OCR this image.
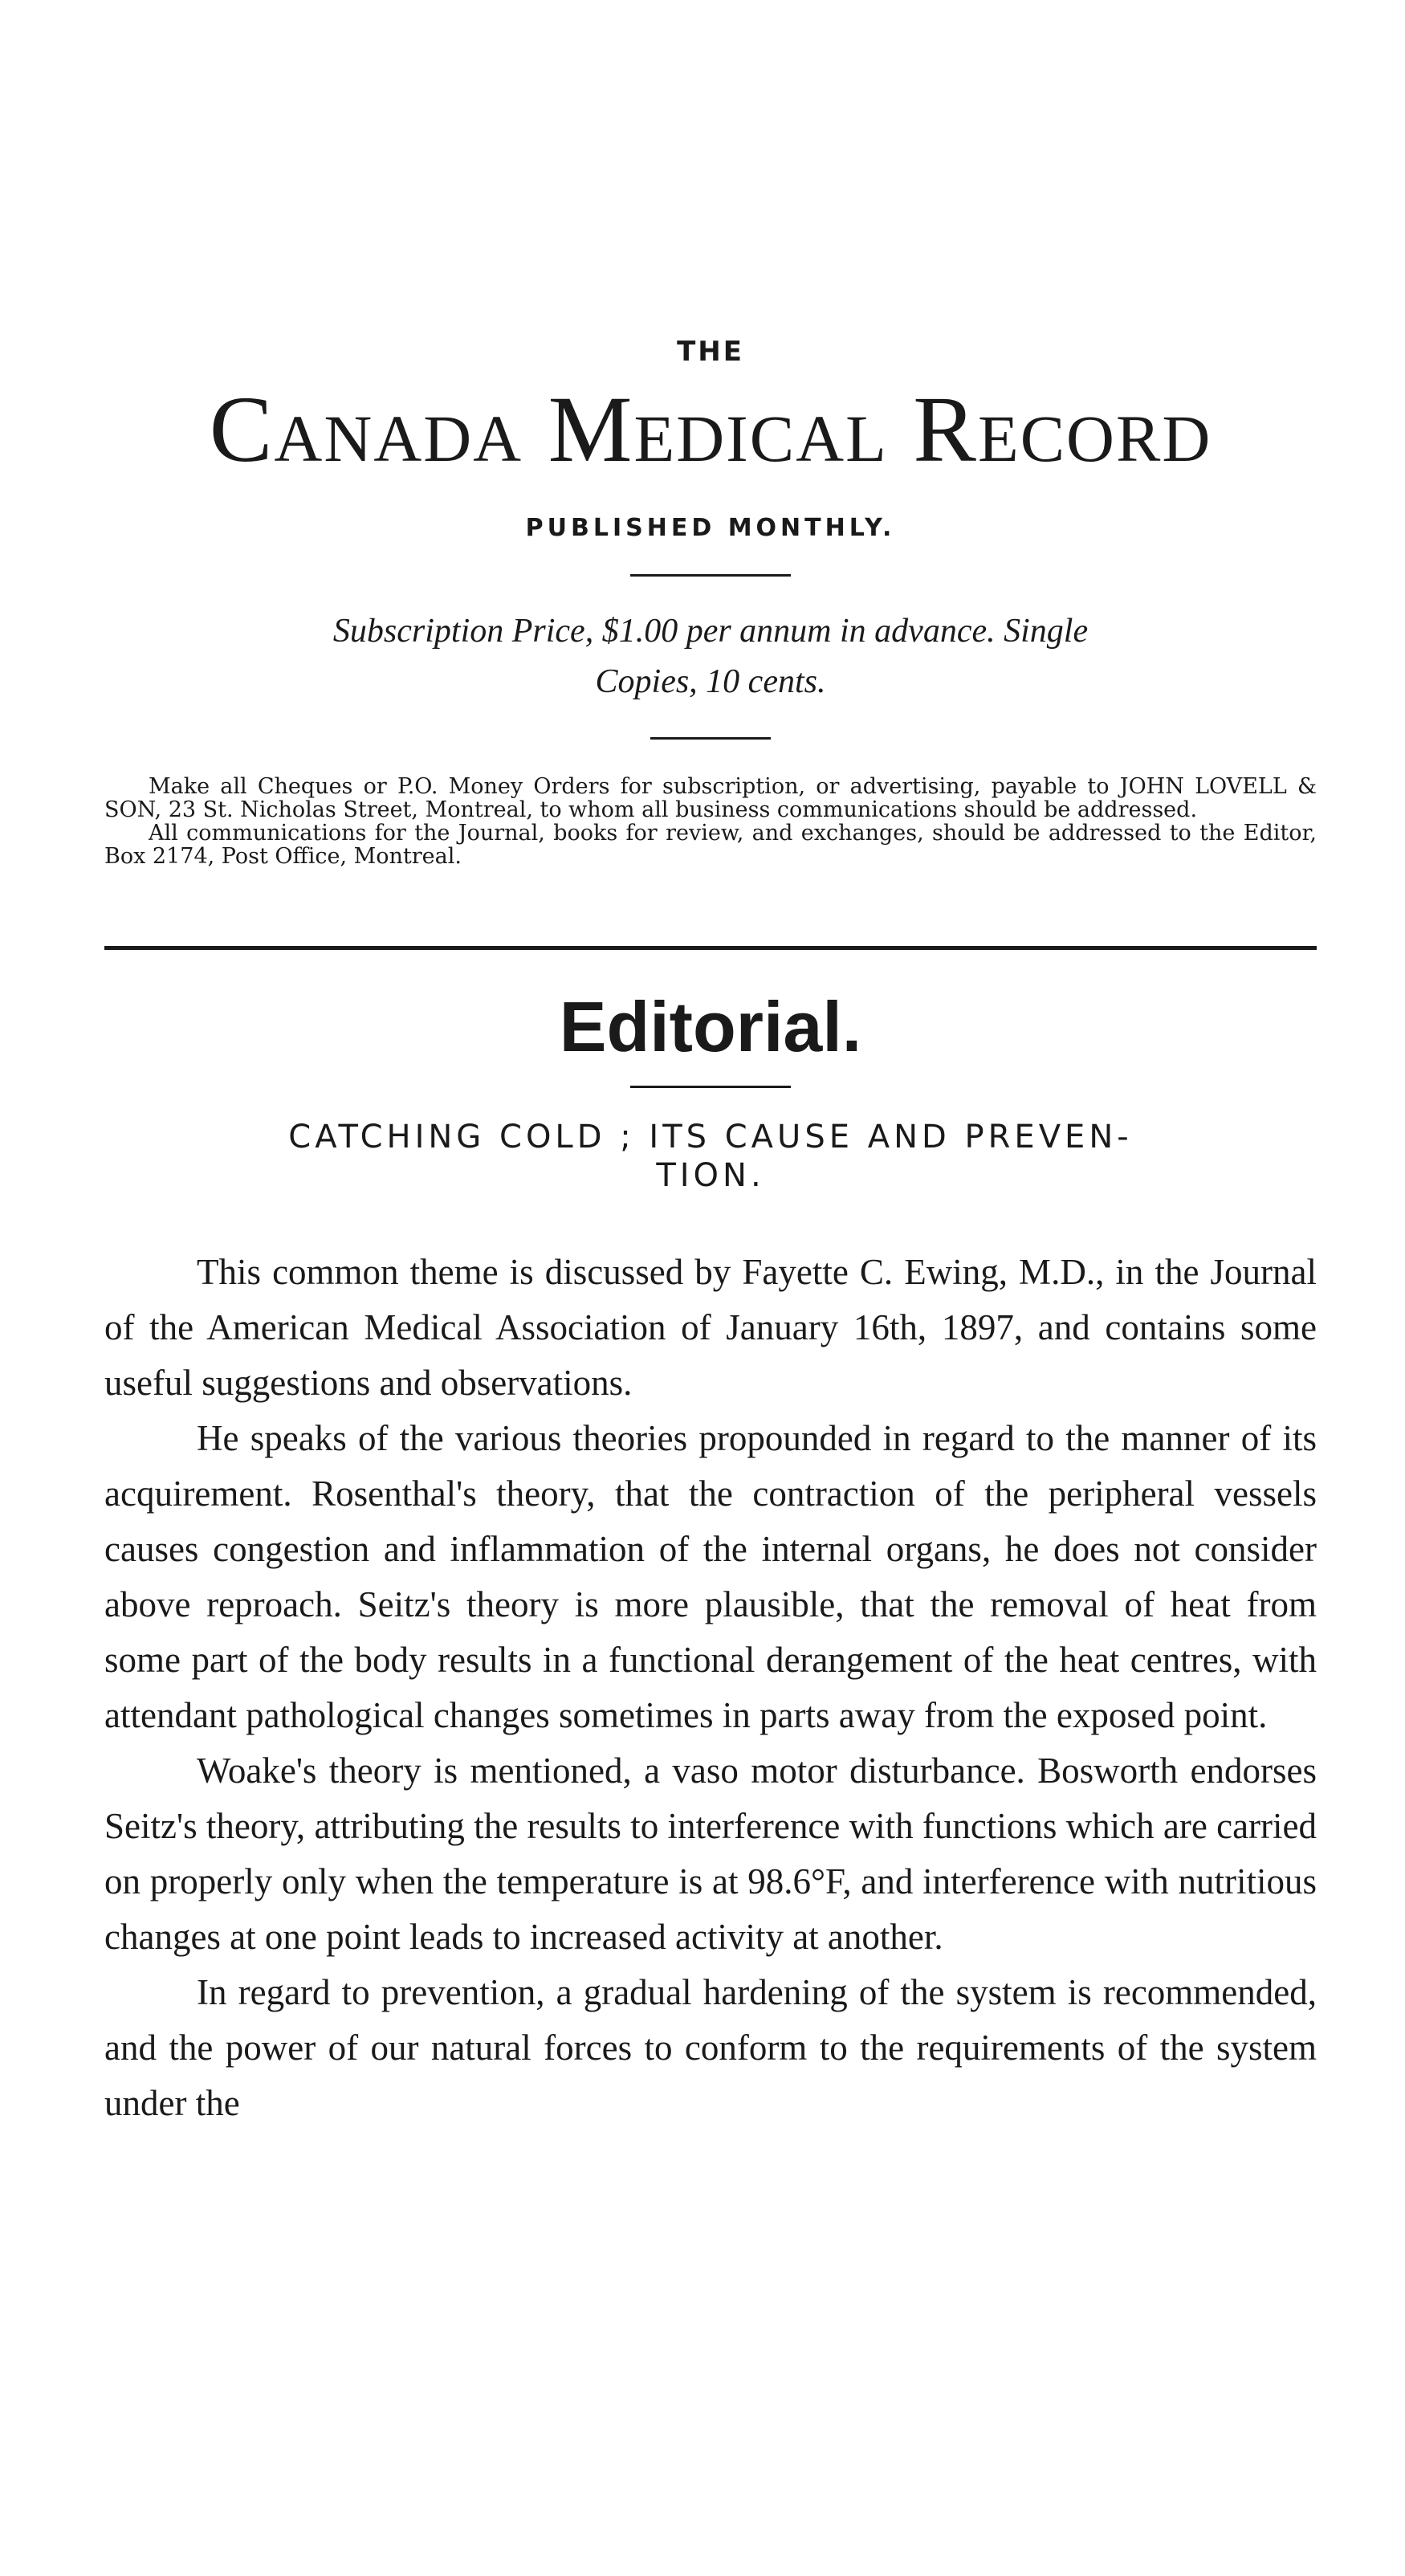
THE
Canada Medical Record
PUBLISHED MONTHLY.
Subscription Price, $1.00 per annum in advance. Single
Copies, 10 cents.

Make all Cheques or P.O. Money Orders for subscription, or advertising, payable to JOHN LOVELL & SON, 23 St. Nicholas Street, Montreal, to whom all business communications should be addressed.

All communications for the Journal, books for review, and exchanges, should be addressed to the Editor, Box 2174, Post Office, Montreal.

Editorial.
CATCHING COLD ; ITS CAUSE AND PREVEN-
TION.

This common theme is discussed by Fayette C. Ewing, M.D., in the Journal of the American Medical Association of January 16th, 1897, and contains some useful suggestions and observations.

He speaks of the various theories propounded in regard to the manner of its acquirement. Rosenthal's theory, that the contraction of the peripheral vessels causes congestion and inflammation of the internal organs, he does not consider above reproach. Seitz's theory is more plausible, that the removal of heat from some part of the body results in a functional derangement of the heat centres, with attendant pathological changes sometimes in parts away from the exposed point.

Woake's theory is mentioned, a vaso motor disturbance. Bosworth endorses Seitz's theory, attributing the results to interference with functions which are carried on properly only when the temperature is at 98.6°F, and interference with nutritious changes at one point leads to increased activity at another.

In regard to prevention, a gradual hardening of the system is recommended, and the power of our natural forces to conform to the requirements of the system under the
